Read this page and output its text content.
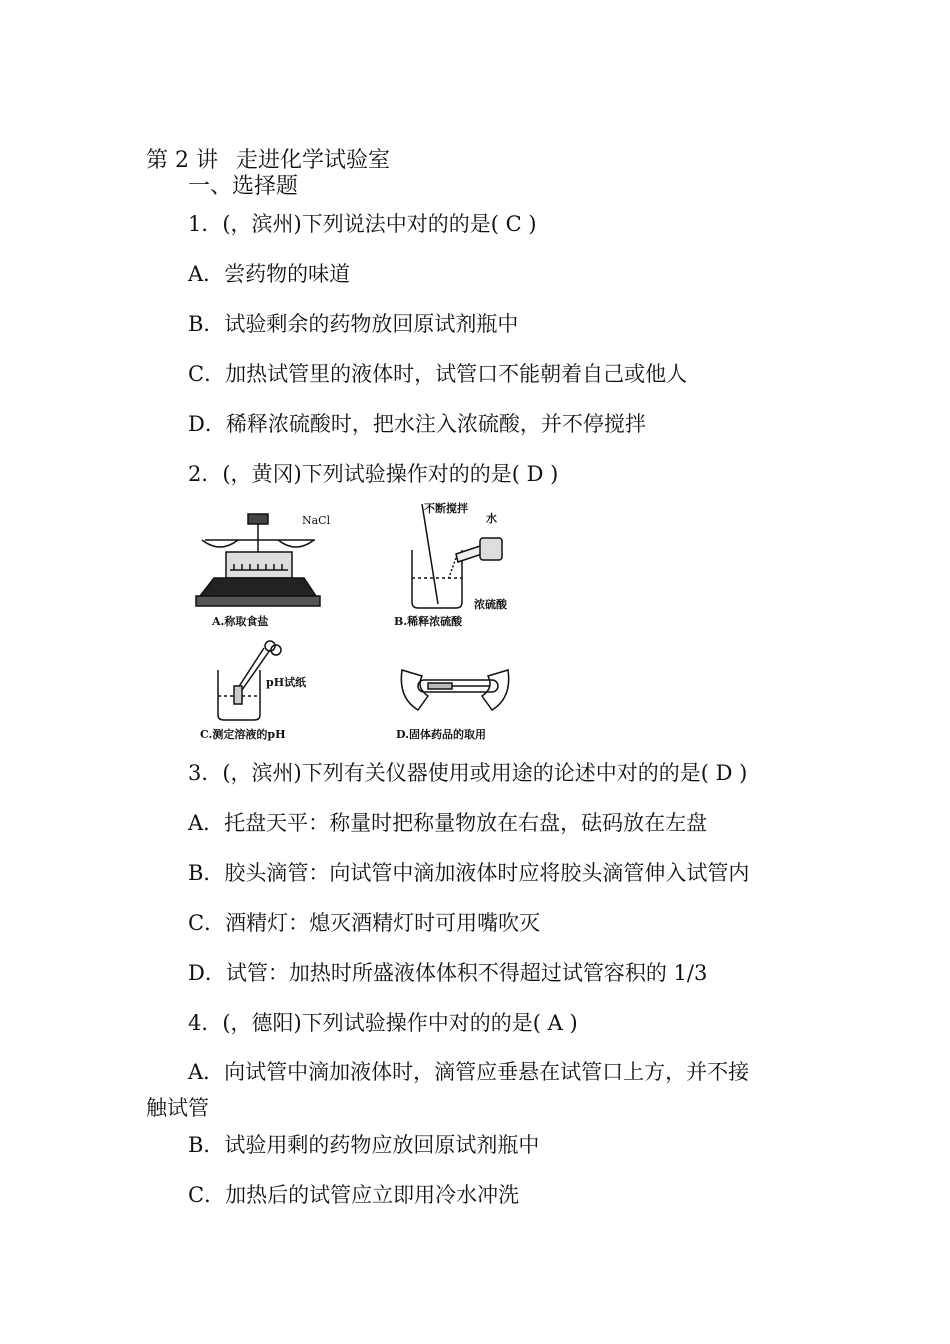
第 2 讲 走进化学试验室
一、选择题
1．(，滨州)下列说法中对的的是( C )
A．尝药物的味道
B．试验剩余的药物放回原试剂瓶中
C．加热试管里的液体时，试管口不能朝着自己或他人
D．稀释浓硫酸时，把水注入浓硫酸，并不停搅拌
2．(，黄冈)下列试验操作对的的是( D )
NaCl
A.称取食盐
不断搅拌
水
浓硫酸
B.稀释浓硫酸
pH试纸
C.测定溶液的pH	D.固体药品的取用
3．(，滨州)下列有关仪器使用或用途的论述中对的的是( D )
A．托盘天平：称量时把称量物放在右盘，砝码放在左盘
B．胶头滴管：向试管中滴加液体时应将胶头滴管伸入试管内
C．酒精灯：熄灭酒精灯时可用嘴吹灭
D．试管：加热时所盛液体体积不得超过试管容积的 1/3
4．(，德阳)下列试验操作中对的的是( A )
A．向试管中滴加液体时，滴管应垂悬在试管口上方，并不接
触试管
B．试验用剩的药物应放回原试剂瓶中
C．加热后的试管应立即用冷水冲洗
